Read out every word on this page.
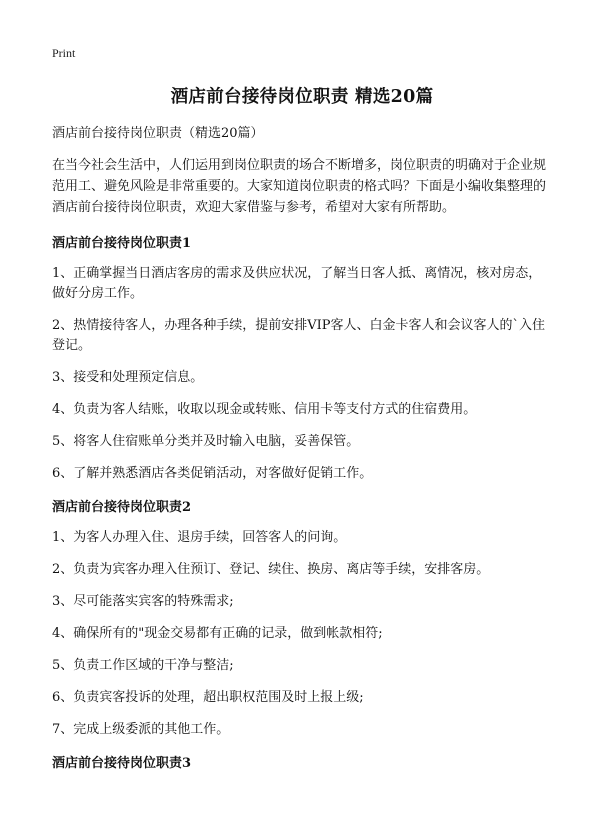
Print
酒店前台接待岗位职责 精选20篇
酒店前台接待岗位职责（精选20篇）
在当今社会生活中，人们运用到岗位职责的场合不断增多，岗位职责的明确对于企业规范用工、避免风险是非常重要的。大家知道岗位职责的格式吗？下面是小编收集整理的酒店前台接待岗位职责，欢迎大家借鉴与参考，希望对大家有所帮助。
酒店前台接待岗位职责1
1、正确掌握当日酒店客房的需求及供应状况，了解当日客人抵、离情况，核对房态，做好分房工作。
2、热情接待客人，办理各种手续，提前安排VIP客人、白金卡客人和会议客人的`入住登记。
3、接受和处理预定信息。
4、负责为客人结账，收取以现金或转账、信用卡等支付方式的住宿费用。
5、将客人住宿账单分类并及时输入电脑，妥善保管。
6、了解并熟悉酒店各类促销活动，对客做好促销工作。
酒店前台接待岗位职责2
1、为客人办理入住、退房手续，回答客人的问询。
2、负责为宾客办理入住预订、登记、续住、换房、离店等手续，安排客房。
3、尽可能落实宾客的特殊需求;
4、确保所有的"现金交易都有正确的记录，做到帐款相符;
5、负责工作区域的干净与整洁;
6、负责宾客投诉的处理，超出职权范围及时上报上级;
7、完成上级委派的其他工作。
酒店前台接待岗位职责3
